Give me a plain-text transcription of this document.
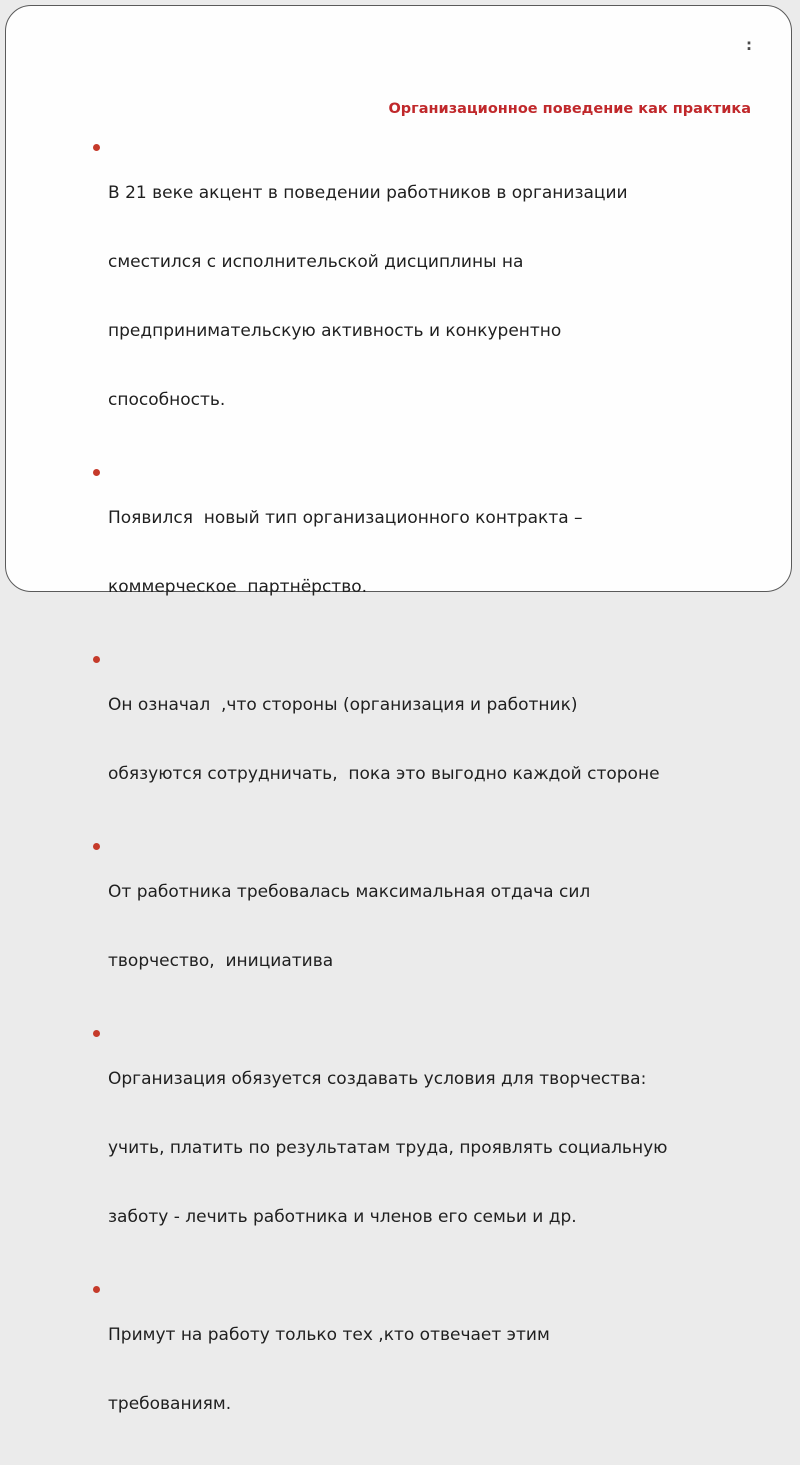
:
Организационное поведение как практика

В 21 веке акцент в поведении работников в организации

сместился с исполнительской дисциплины на

предпринимательскую активность и конкурентно

способность.

Появился  новый тип организационного контракта –

коммерческое  партнёрство.

Он означал  ,что стороны (организация и работник)

обязуются сотрудничать,  пока это выгодно каждой стороне

От работника требовалась максимальная отдача сил

творчество,  инициатива

Организация обязуется создавать условия для творчества:

учить, платить по результатам труда, проявлять социальную

заботу - лечить работника и членов его семьи и др.

Примут на работу только тех ,кто отвечает этим

требованиям.
